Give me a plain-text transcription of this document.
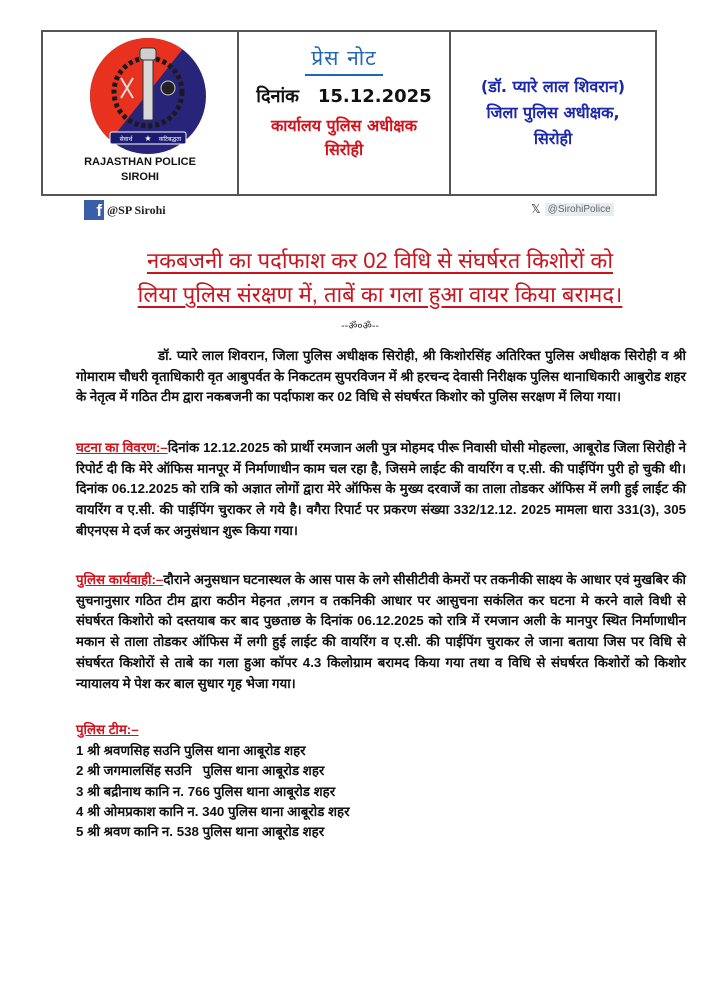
सेवार्थ ★ कटिबद्धता
RAJASTHAN POLICE
SIROHI
प्रेस नोट
दिनांक 15.12.2025
कार्यालय पुलिस अधीक्षक
सिरोही
(डॉ. प्यारे लाल शिवरान)
जिला पुलिस अधीक्षक,
सिरोही
f @SP Sirohi	𝕏 @SirohiPolice
नकबजनी का पर्दाफाश कर 02 विधि से संघर्षरत किशोरों को
लिया पुलिस संरक्षण में, ताबें का गला हुआ वायर किया बरामद।
--ॐ०ॐ--
डॉ. प्यारे लाल शिवरान, जिला पुलिस अधीक्षक सिरोही, श्री किशोरसिंह अतिरिक्त पुलिस अधीक्षक सिरोही व श्री गोमाराम चौधरी वृताधिकारी वृत आबुपर्वत के निकटतम सुपरविजन में श्री हरचन्द देवासी निरीक्षक पुलिस थानाधिकारी आबुरोड शहर के नेतृत्व में गठित टीम द्वारा नकबजनी का पर्दाफाश कर 02 विधि से संघर्षरत किशोर को पुलिस सरक्षण में लिया गया।
घटना का विवरण:–दिनांक 12.12.2025 को प्रार्थी रमजान अली पुत्र मोहमद पीरू निवासी घोसी मोहल्ला, आबूरोड जिला सिरोही ने रिपोर्ट दी कि मेरे ऑफिस मानपूर में निर्माणाधीन काम चल रहा है, जिसमे लाईट की वायरिंग व ए.सी. की पाईपिंग पुरी हो चुकी थी। दिनांक 06.12.2025 को रात्रि को अज्ञात लोगों द्वारा मेरे ऑफिस के मुख्य दरवाजें का ताला तोडकर ऑफिस में लगी हुई लाईट की वायरिंग व ए.सी. की पाईपिंग चुराकर ले गये है। वगैरा रिपार्ट पर प्रकरण संख्या 332/12.12. 2025 मामला धारा 331(3), 305 बीएनएस मे दर्ज कर अनुसंधान शुरू किया गया।
पुलिस कार्यवाही:–दौराने अनुसधान घटनास्थल के आस पास के लगे सीसीटीवी केमरों पर तकनीकी साक्ष्य के आधार एवं मुखबिर की सुचनानुसार गठित टीम द्वारा कठीन मेहनत ,लगन व तकनिकी आधार पर आसुचना सकंलित कर घटना मे करने वाले विधी से संघर्षरत किशोरो को दस्तयाब कर बाद पुछताछ के दिनांक 06.12.2025 को रात्रि में रमजान अली के मानपुर स्थित निर्माणाधीन मकान से ताला तोडकर ऑफिस में लगी हुई लाईट की वायरिंग व ए.सी. की पाईपिंग चुराकर ले जाना बताया जिस पर विधि से संघर्षरत किशोरों से ताबे का गला हुआ कॉपर 4.3 किलोग्राम बरामद किया गया तथा व विधि से संघर्षरत किशोरों को किशोर न्यायालय मे पेश कर बाल सुधार गृह भेजा गया।
पुलिस टीम:–
1 श्री श्रवणसिह सउनि पुलिस थाना आबूरोड शहर
2 श्री जगमालसिंह सउनि   पुलिस थाना आबूरोड शहर
3 श्री बद्रीनाथ कानि न. 766 पुलिस थाना आबूरोड शहर
4 श्री ओमप्रकाश कानि न. 340 पुलिस थाना आबूरोड शहर
5 श्री श्रवण कानि न. 538 पुलिस थाना आबूरोड शहर
